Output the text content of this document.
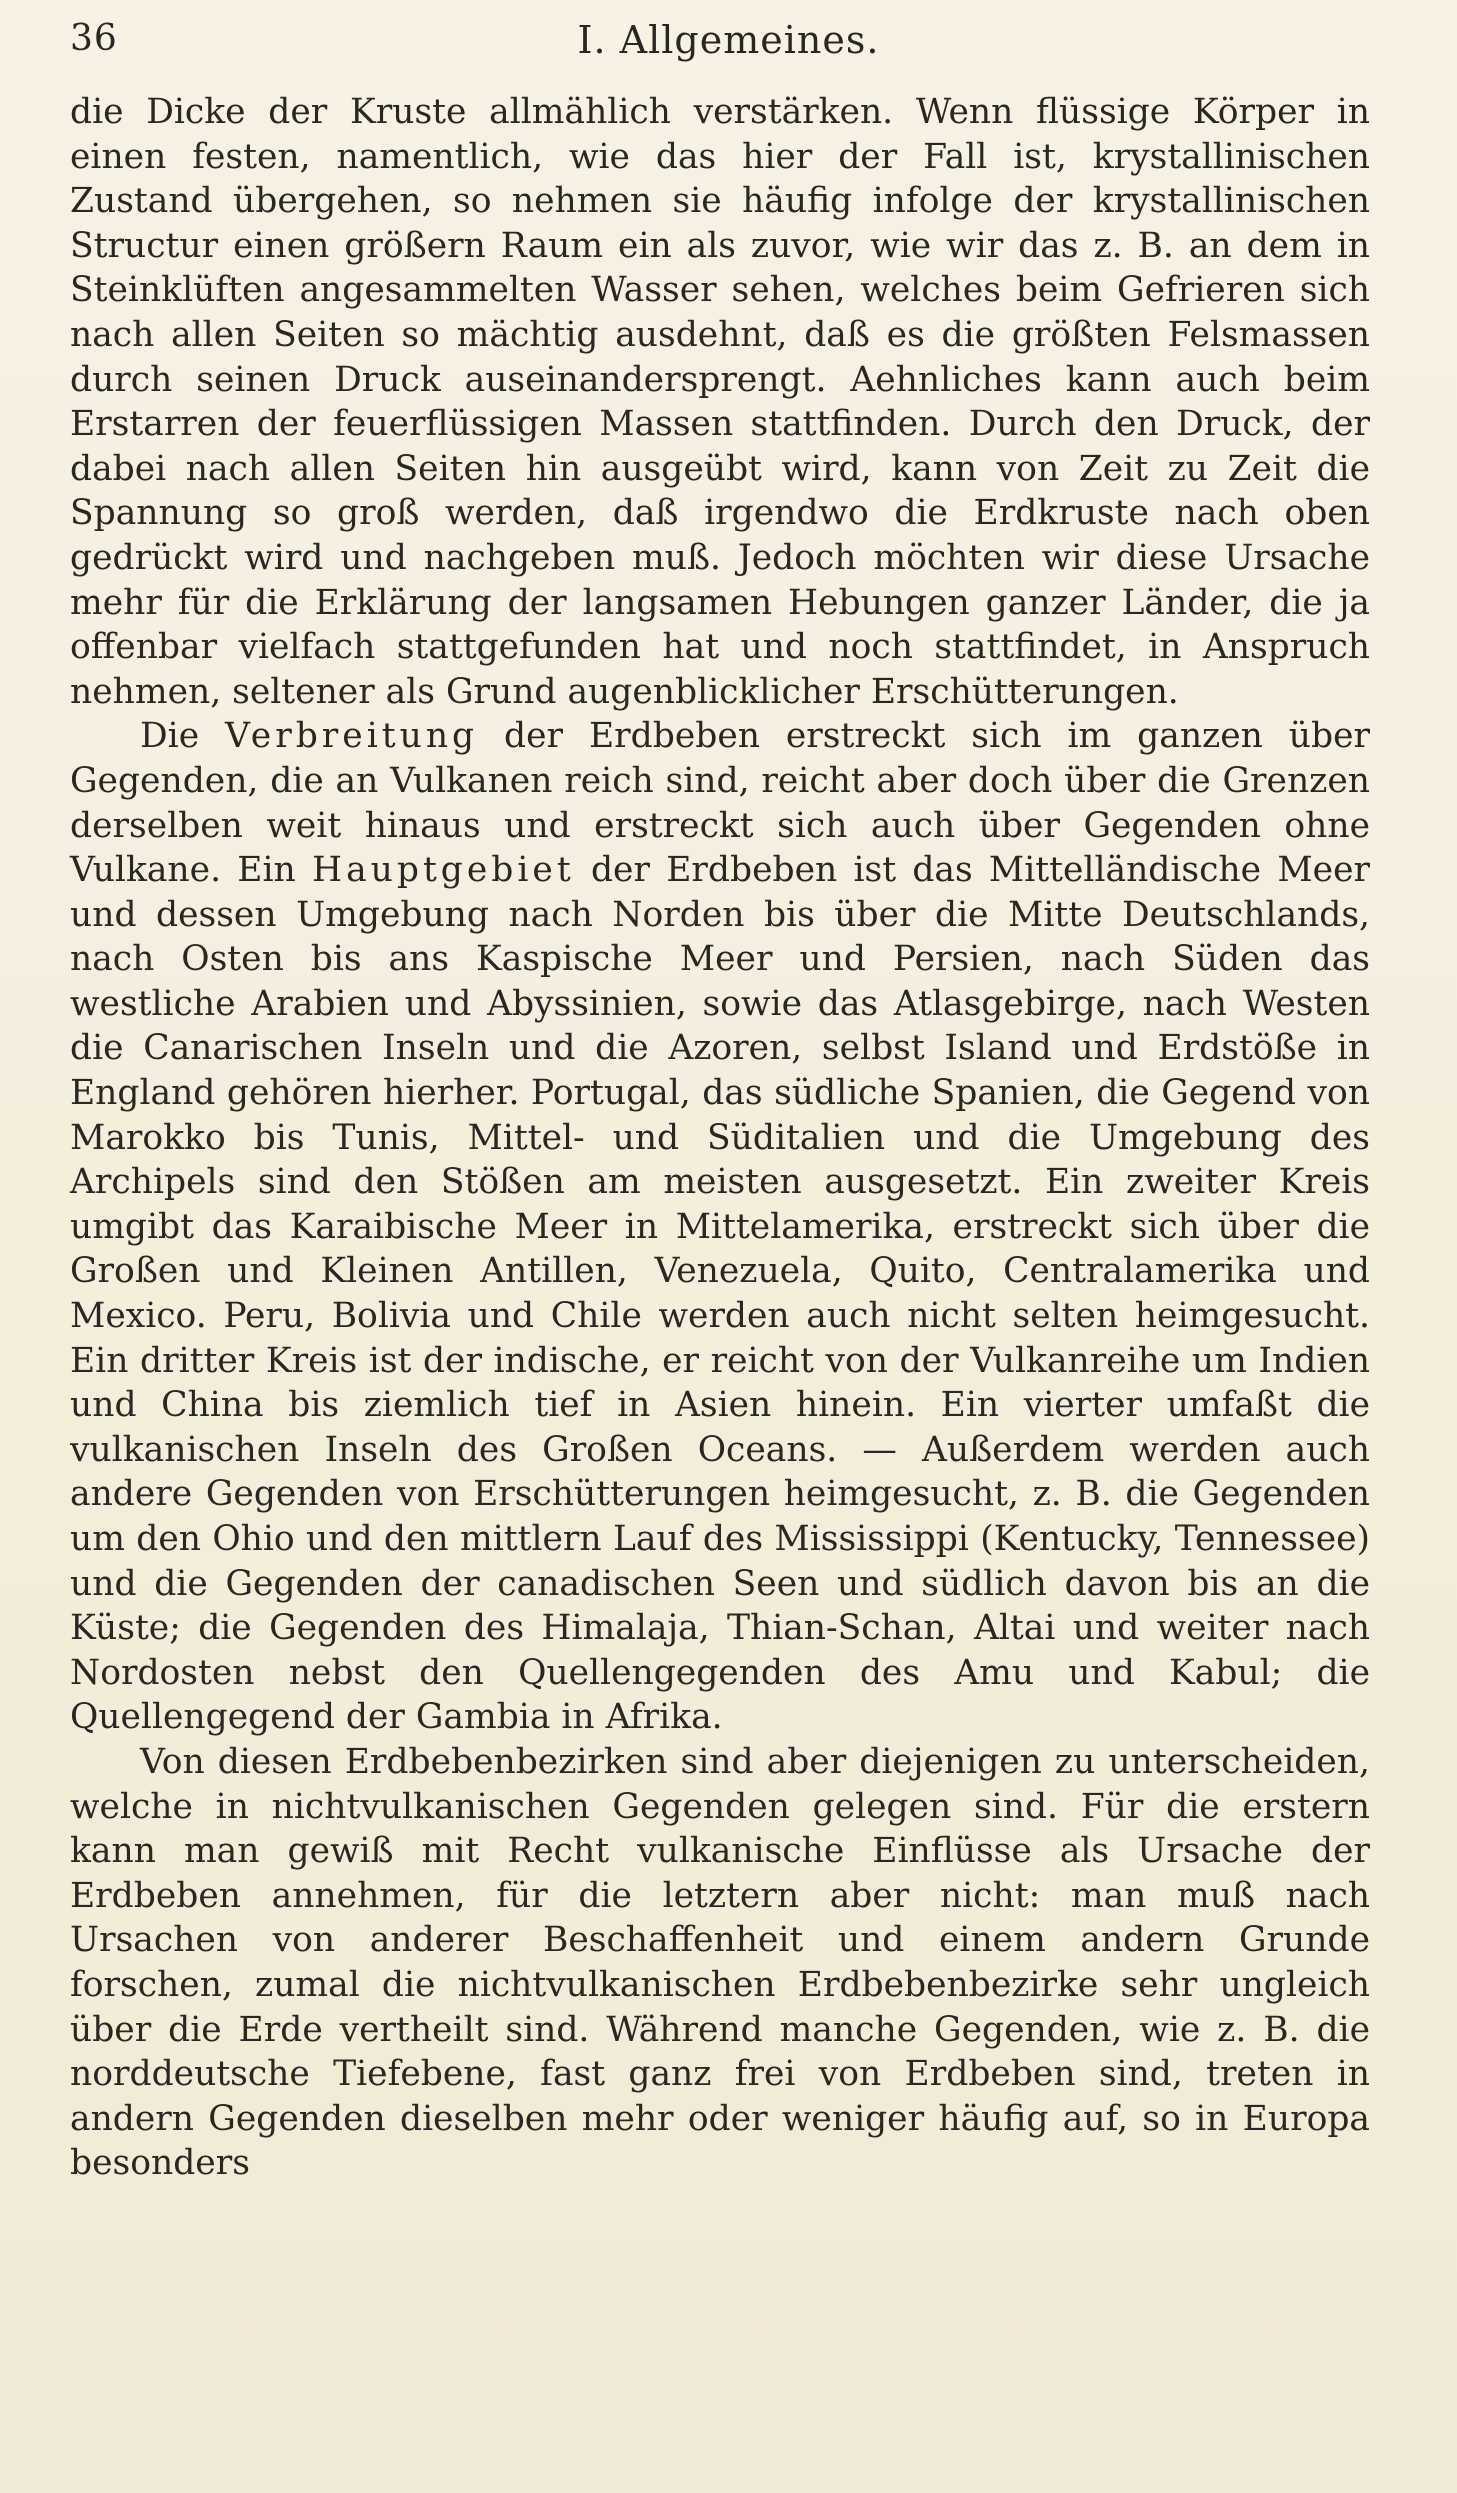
36	I. Allgemeines.

die Dicke der Kruste allmählich verstärken. Wenn flüssige Körper in einen festen, namentlich, wie das hier der Fall ist, krystallinischen Zustand übergehen, so nehmen sie häufig infolge der krystallinischen Structur einen größern Raum ein als zuvor, wie wir das z. B. an dem in Steinklüften angesammelten Wasser sehen, welches beim Gefrieren sich nach allen Seiten so mächtig ausdehnt, daß es die größten Felsmassen durch seinen Druck auseinandersprengt. Aehnliches kann auch beim Erstarren der feuerflüssigen Massen stattfinden. Durch den Druck, der dabei nach allen Seiten hin ausgeübt wird, kann von Zeit zu Zeit die Spannung so groß werden, daß irgendwo die Erdkruste nach oben gedrückt wird und nachgeben muß. Jedoch möchten wir diese Ursache mehr für die Erklärung der langsamen Hebungen ganzer Länder, die ja offenbar vielfach stattgefunden hat und noch stattfindet, in Anspruch nehmen, seltener als Grund augenblicklicher Erschütterungen.

Die Verbreitung der Erdbeben erstreckt sich im ganzen über Gegenden, die an Vulkanen reich sind, reicht aber doch über die Grenzen derselben weit hinaus und erstreckt sich auch über Gegenden ohne Vulkane. Ein Hauptgebiet der Erdbeben ist das Mittelländische Meer und dessen Umgebung nach Norden bis über die Mitte Deutschlands, nach Osten bis ans Kaspische Meer und Persien, nach Süden das westliche Arabien und Abyssinien, sowie das Atlasgebirge, nach Westen die Canarischen Inseln und die Azoren, selbst Island und Erdstöße in England gehören hierher. Portugal, das südliche Spanien, die Gegend von Marokko bis Tunis, Mittel- und Süditalien und die Umgebung des Archipels sind den Stößen am meisten ausgesetzt. Ein zweiter Kreis umgibt das Karaibische Meer in Mittelamerika, erstreckt sich über die Großen und Kleinen Antillen, Venezuela, Quito, Centralamerika und Mexico. Peru, Bolivia und Chile werden auch nicht selten heimgesucht. Ein dritter Kreis ist der indische, er reicht von der Vulkanreihe um Indien und China bis ziemlich tief in Asien hinein. Ein vierter umfaßt die vulkanischen Inseln des Großen Oceans. — Außerdem werden auch andere Gegenden von Erschütterungen heimgesucht, z. B. die Gegenden um den Ohio und den mittlern Lauf des Mississippi (Kentucky, Tennessee) und die Gegenden der canadischen Seen und südlich davon bis an die Küste; die Gegenden des Himalaja, Thian-Schan, Altai und weiter nach Nordosten nebst den Quellengegenden des Amu und Kabul; die Quellengegend der Gambia in Afrika.

Von diesen Erdbebenbezirken sind aber diejenigen zu unterscheiden, welche in nichtvulkanischen Gegenden gelegen sind. Für die erstern kann man gewiß mit Recht vulkanische Einflüsse als Ursache der Erdbeben annehmen, für die letztern aber nicht: man muß nach Ursachen von anderer Beschaffenheit und einem andern Grunde forschen, zumal die nichtvulkanischen Erdbebenbezirke sehr ungleich über die Erde vertheilt sind. Während manche Gegenden, wie z. B. die norddeutsche Tiefebene, fast ganz frei von Erdbeben sind, treten in andern Gegenden dieselben mehr oder weniger häufig auf, so in Europa besonders
